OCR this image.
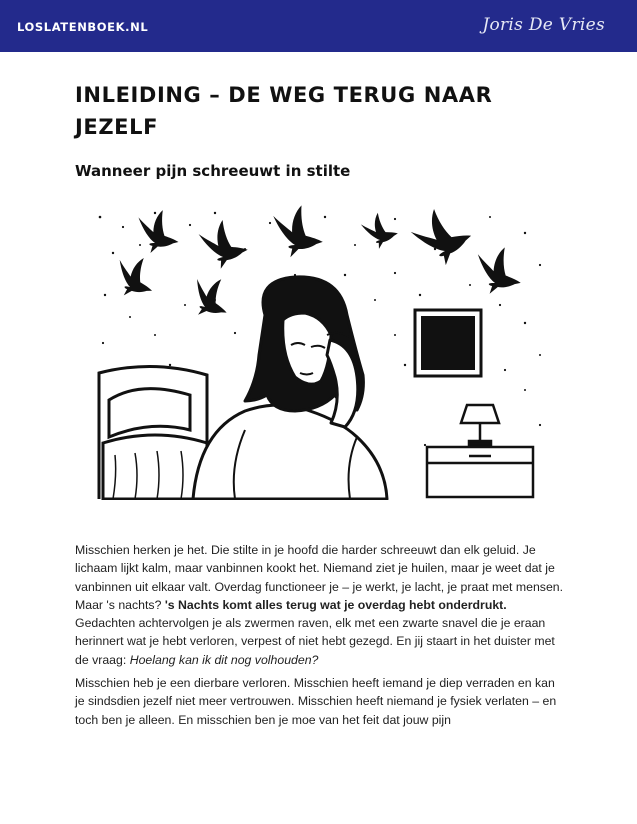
LOSLATENBOEK.NL	Joris De Vries
INLEIDING – DE WEG TERUG NAAR JEZELF
Wanneer pijn schreeuwt in stilte

Misschien herken je het. Die stilte in je hoofd die harder schreeuwt dan elk geluid. Je lichaam lijkt kalm, maar vanbinnen kookt het. Niemand ziet je huilen, maar je weet dat je vanbinnen uit elkaar valt. Overdag functioneer je – je werkt, je lacht, je praat met mensen. Maar 's nachts? 's Nachts komt alles terug wat je overdag hebt onderdrukt. Gedachten achtervolgen je als zwermen raven, elk met een zwarte snavel die je eraan herinnert wat je hebt verloren, verpest of niet hebt gezegd. En jij staart in het duister met de vraag: Hoelang kan ik dit nog volhouden?

Misschien heb je een dierbare verloren. Misschien heeft iemand je diep verraden en kan je sindsdien jezelf niet meer vertrouwen. Misschien heeft niemand je fysiek verlaten – en toch ben je alleen. En misschien ben je moe van het feit dat jouw pijn
